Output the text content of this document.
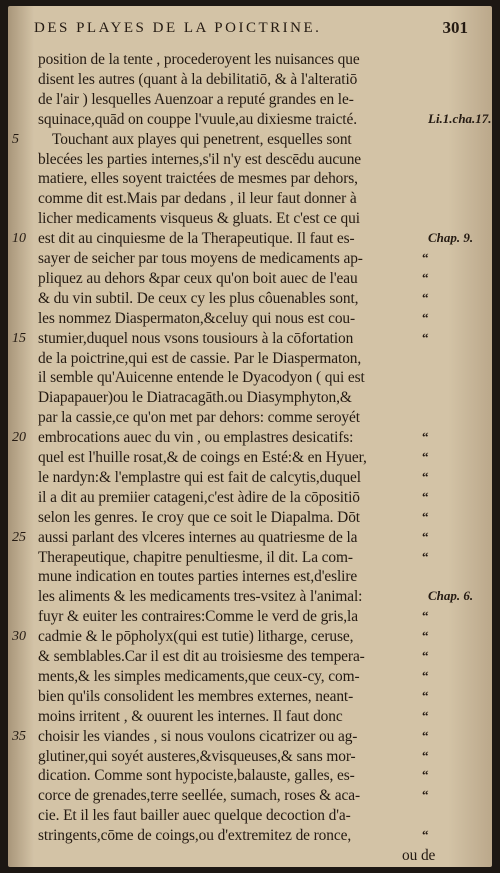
DES PLAYES DE LA POICTRINE.	301
position de la tente , procederoyent les nuisances que
disent les autres (quant à la debilitatiō, & à l'alteratiō
de l'air ) lesquelles Auenzoar a reputé grandes en le-
squinace,quād on couppe l'vuule,au dixiesme traicté.	Li.1.cha.17.
5	Touchant aux playes qui penetrent, esquelles sont
blecées les parties internes,s'il n'y est descēdu aucune
matiere, elles soyent traictées de mesmes par dehors,
comme dit est.Mais par dedans , il leur faut donner à
licher medicaments visqueus & gluats. Et c'est ce qui
10 est dit au cinquiesme de la Therapeutique. Il faut es-	Chap. 9.
sayer de seicher par tous moyens de medicaments ap-	“
pliquez au dehors &par ceux qu'on boit auec de l'eau	“
& du vin subtil. De ceux cy les plus côuenables sont,	“
les nommez Diaspermaton,&celuy qui nous est cou-	“
15 stumier,duquel nous vsons tousiours à la cōfortation	“
de la poictrine,qui est de cassie. Par le Diaspermaton,
il semble qu'Auicenne entende le Dyacodyon ( qui est
Diapapauer)ou le Diatracagāth.ou Diasymphyton,&
par la cassie,ce qu'on met par dehors: comme seroyét
20 embrocations auec du vin , ou emplastres desicatifs:	“
quel est l'huille rosat,& de coings en Esté:& en Hyuer,	“
le nardyn:& l'emplastre qui est fait de calcytis,duquel	“
il a dit au premiier catageni,c'est àdire de la cōpositiō	“
selon les genres. Ie croy que ce soit le Diapalma. Dōt	“
25 aussi parlant des vlceres internes au quatriesme de la	“
Therapeutique, chapitre penultiesme, il dit. La com-	“
mune indication en toutes parties internes est,d'eslire
les aliments & les medicaments tres-vsitez à l'animal:	Chap. 6.
fuyr & euiter les contraires:Comme le verd de gris,la	“
30 cadmie & le pōpholyx(qui est tutie) litharge, ceruse,	“
& semblables.Car il est dit au troisiesme des tempera-	“
ments,& les simples medicaments,que ceux-cy, com-	“
bien qu'ils consolident les membres externes, neant-	“
moins irritent , & ouurent les internes. Il faut donc	“
35 choisir les viandes , si nous voulons cicatrizer ou ag-	“
glutiner,qui soyét austeres,&visqueuses,& sans mor-	“
dication. Comme sont hypociste,balauste, galles, es-	“
corce de grenades,terre seellée, sumach, roses & aca-	“
cie. Et il les faut bailler auec quelque decoction d'a-
stringents,cōme de coings,ou d'extremitez de ronce,	“
ou de
